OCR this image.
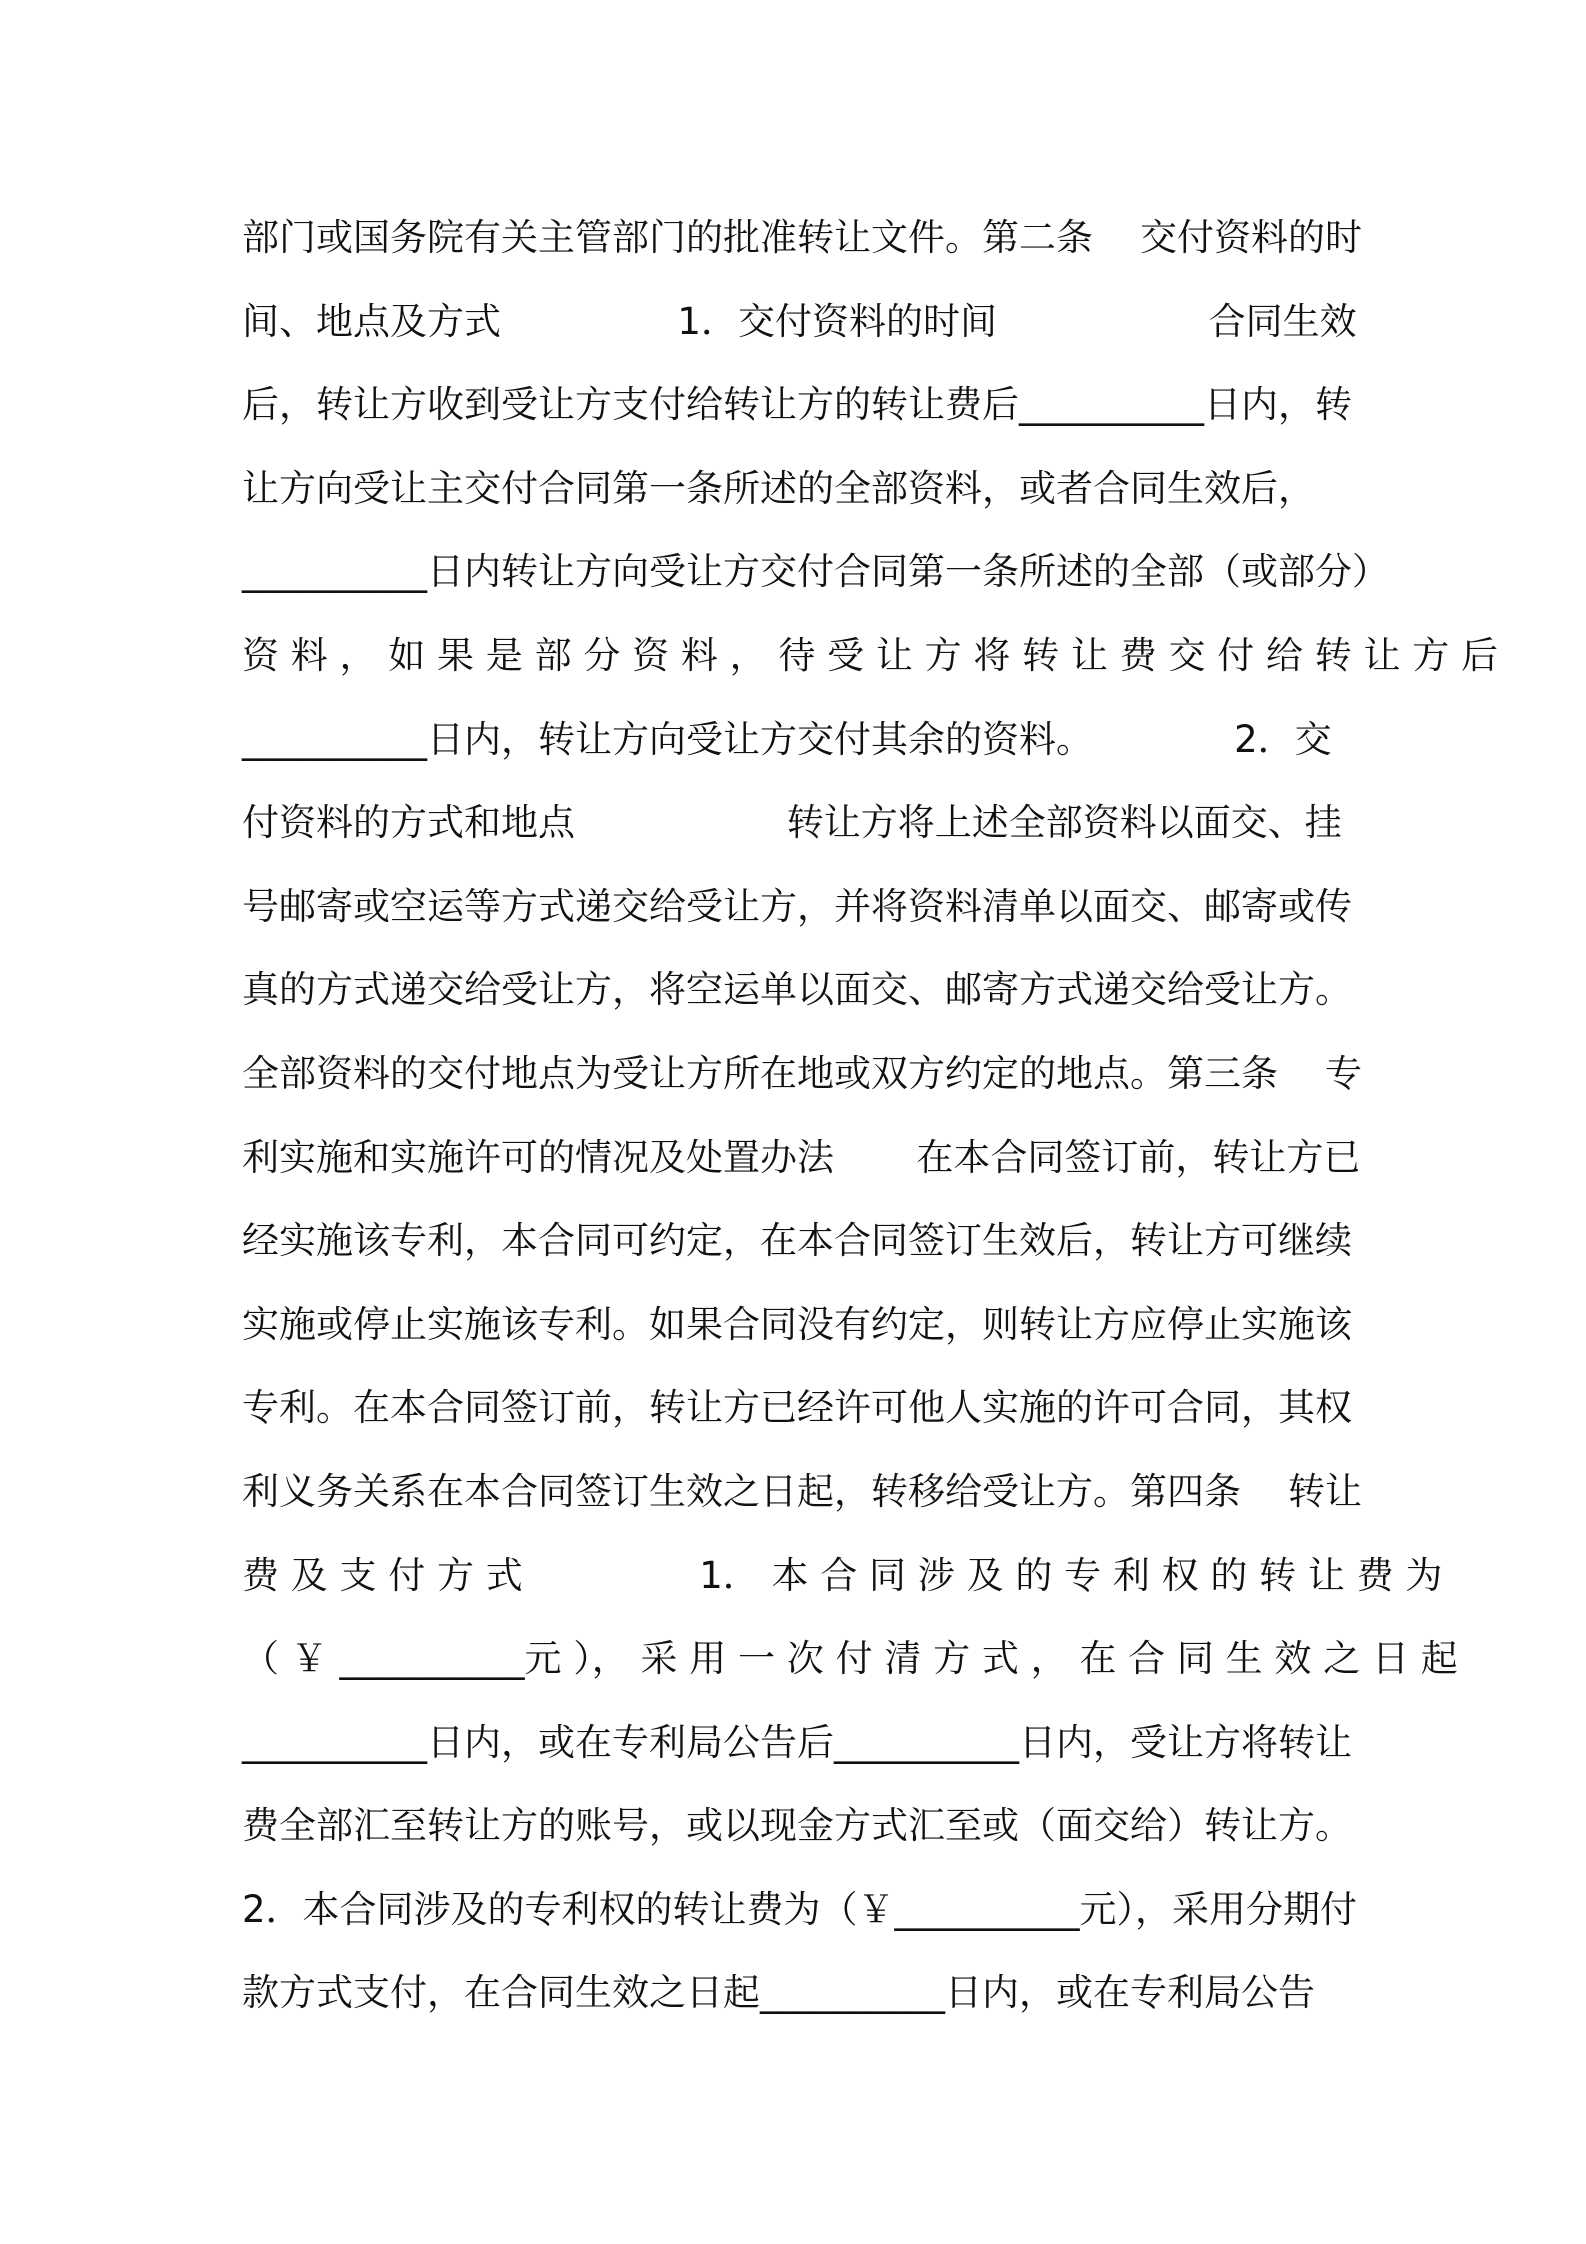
部门或国务院有关主管部门的批准转让文件。第二条    交付资料的时
间、地点及方式               1．交付资料的时间                  合同生效
后，转让方收到受让方支付给转让方的转让费后__________日内，转
让方向受让主交付合同第一条所述的全部资料，或者合同生效后，
__________日内转让方向受让方交付合同第一条所述的全部（或部分）
资 料 ， 如 果 是 部 分 资 料 ， 待 受 让 方 将 转 让 费 交 付 给 转 让 方 后
__________日内，转让方向受让方交付其余的资料。            2．交
付资料的方式和地点                  转让方将上述全部资料以面交、挂
号邮寄或空运等方式递交给受让方，并将资料清单以面交、邮寄或传
真的方式递交给受让方，将空运单以面交、邮寄方式递交给受让方。
全部资料的交付地点为受让方所在地或双方约定的地点。第三条    专
利实施和实施许可的情况及处置办法       在本合同签订前，转让方已
经实施该专利，本合同可约定，在本合同签订生效后，转让方可继续
实施或停止实施该专利。如果合同没有约定，则转让方应停止实施该
专利。在本合同签订前，转让方已经许可他人实施的许可合同，其权
利义务关系在本合同签订生效之日起，转移给受让方。第四条    转让
费 及 支 付 方 式               1． 本 合 同 涉 及 的 专 利 权 的 转 让 费 为
（ ￥ __________元 ）， 采 用 一 次 付 清 方 式 ， 在 合 同 生 效 之 日 起
__________日内，或在专利局公告后__________日内，受让方将转让
费全部汇至转让方的账号，或以现金方式汇至或（面交给）转让方。
2．本合同涉及的专利权的转让费为（￥__________元），采用分期付
款方式支付，在合同生效之日起__________日内，或在专利局公告
